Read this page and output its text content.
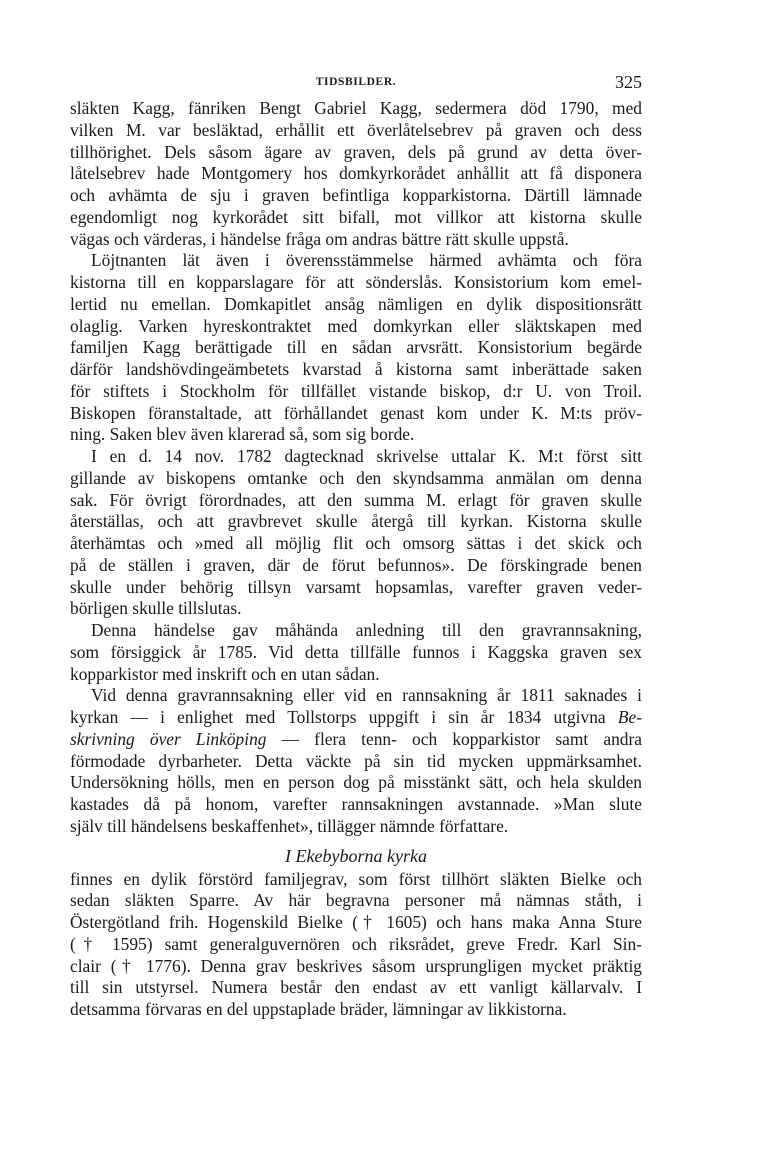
TIDSBILDER.	325
släkten Kagg, fänriken Bengt Gabriel Kagg, sedermera död 1790, med
vilken M. var besläktad, erhållit ett överlåtelsebrev på graven och dess
tillhörighet. Dels såsom ägare av graven, dels på grund av detta över-
låtelsebrev hade Montgomery hos domkyrkorådet anhållit att få disponera
och avhämta de sju i graven befintliga kopparkistorna. Därtill lämnade
egendomligt nog kyrkorådet sitt bifall, mot villkor att kistorna skulle
vägas och värderas, i händelse fråga om andras bättre rätt skulle uppstå.
Löjtnanten lät även i överensstämmelse härmed avhämta och föra
kistorna till en kopparslagare för att sönderslås. Konsistorium kom emel-
lertid nu emellan. Domkapitlet ansåg nämligen en dylik dispositionsrätt
olaglig. Varken hyreskontraktet med domkyrkan eller släktskapen med
familjen Kagg berättigade till en sådan arvsrätt. Konsistorium begärde
därför landshövdingeämbetets kvarstad å kistorna samt inberättade saken
för stiftets i Stockholm för tillfället vistande biskop, d:r U. von Troil.
Biskopen föranstaltade, att förhållandet genast kom under K. M:ts pröv-
ning. Saken blev även klarerad så, som sig borde.
I en d. 14 nov. 1782 dagtecknad skrivelse uttalar K. M:t först sitt
gillande av biskopens omtanke och den skyndsamma anmälan om denna
sak. För övrigt förordnades, att den summa M. erlagt för graven skulle
återställas, och att gravbrevet skulle återgå till kyrkan. Kistorna skulle
återhämtas och »med all möjlig flit och omsorg sättas i det skick och
på de ställen i graven, där de förut befunnos». De förskingrade benen
skulle under behörig tillsyn varsamt hopsamlas, varefter graven veder-
börligen skulle tillslutas.
Denna händelse gav måhända anledning till den gravrannsakning,
som försiggick år 1785. Vid detta tillfälle funnos i Kaggska graven sex
kopparkistor med inskrift och en utan sådan.
Vid denna gravrannsakning eller vid en rannsakning år 1811 saknades i
kyrkan — i enlighet med Tollstorps uppgift i sin år 1834 utgivna Be-
skrivning över Linköping — flera tenn- och kopparkistor samt andra
förmodade dyrbarheter. Detta väckte på sin tid mycken uppmärksamhet.
Undersökning hölls, men en person dog på misstänkt sätt, och hela skulden
kastades då på honom, varefter rannsakningen avstannade. »Man slute
själv till händelsens beskaffenhet», tillägger nämnde författare.
I Ekebyborna kyrka
finnes en dylik förstörd familjegrav, som först tillhört släkten Bielke och
sedan släkten Sparre. Av här begravna personer må nämnas ståth, i
Östergötland frih. Hogenskild Bielke († 1605) och hans maka Anna Sture
(† 1595) samt generalguvernören och riksrådet, greve Fredr. Karl Sin-
clair († 1776). Denna grav beskrives såsom ursprungligen mycket präktig
till sin utstyrsel. Numera består den endast av ett vanligt källarvalv. I
detsamma förvaras en del uppstaplade bräder, lämningar av likkistorna.
